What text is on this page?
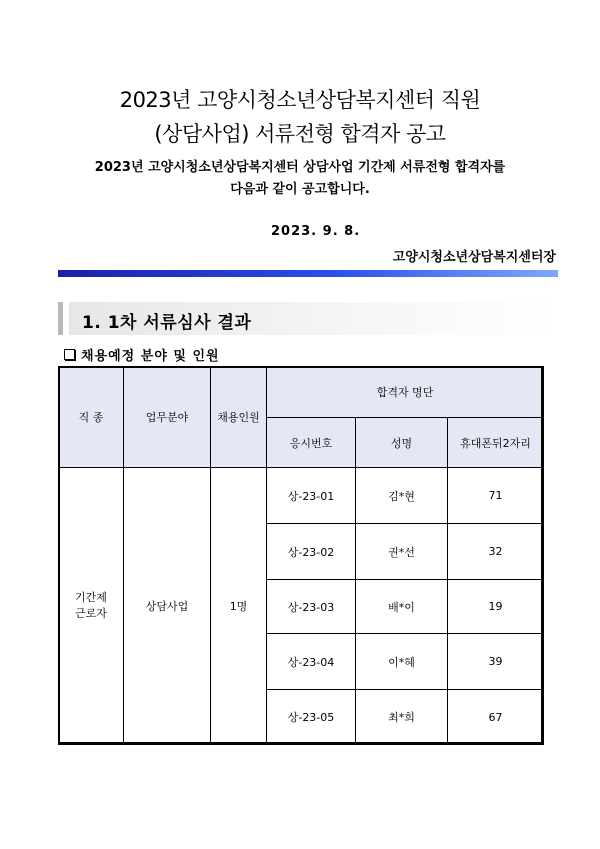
2023년 고양시청소년상담복지센터 직원
(상담사업) 서류전형 합격자 공고
2023년 고양시청소년상담복지센터 상담사업 기간제 서류전형 합격자를
다음과 같이 공고합니다.
2023. 9. 8.
고양시청소년상담복지센터장
1. 1차 서류심사 결과
채용예정 분야 및 인원
직 종	업무분야	채용인원	합격자 명단		
			응시번호	성명	휴대폰뒤2자리
기간제
근로자	상담사업	1명	상-23-01	김*현	71
			상-23-02	권*선	32
			상-23-03	배*이	19
			상-23-04	이*혜	39
			상-23-05	최*희	67
